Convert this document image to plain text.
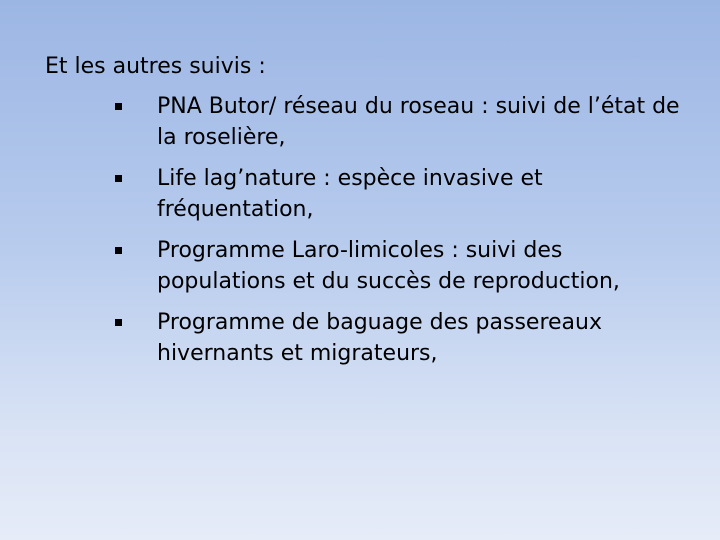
Et les autres suivis :

PNA Butor/ réseau du roseau : suivi de l’état de la roselière,
Life lag’nature : espèce invasive et fréquentation,
Programme Laro-limicoles : suivi des populations et du succès de reproduction,
Programme de baguage des passereaux hivernants et migrateurs,
